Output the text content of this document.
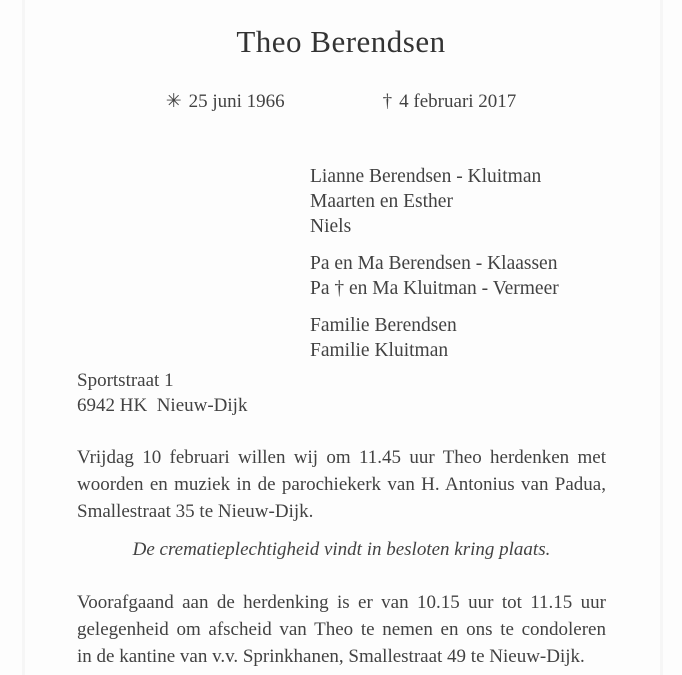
Theo Berendsen
✳ 25 juni 1966	† 4 februari 2017
Lianne Berendsen - Kluitman
Maarten en Esther
Niels
Pa en Ma Berendsen - Klaassen
Pa † en Ma Kluitman - Vermeer
Familie Berendsen
Familie Kluitman
Sportstraat 1
6942 HK  Nieuw-Dijk
Vrijdag 10 februari willen wij om 11.45 uur Theo herdenken met
woorden en muziek in de parochiekerk van H. Antonius van Padua,
Smallestraat 35 te Nieuw-Dijk.
De crematieplechtigheid vindt in besloten kring plaats.
Voorafgaand aan de herdenking is er van 10.15 uur tot 11.15 uur
gelegenheid om afscheid van Theo te nemen en ons te condoleren
in de kantine van v.v. Sprinkhanen, Smallestraat 49 te Nieuw-Dijk.
